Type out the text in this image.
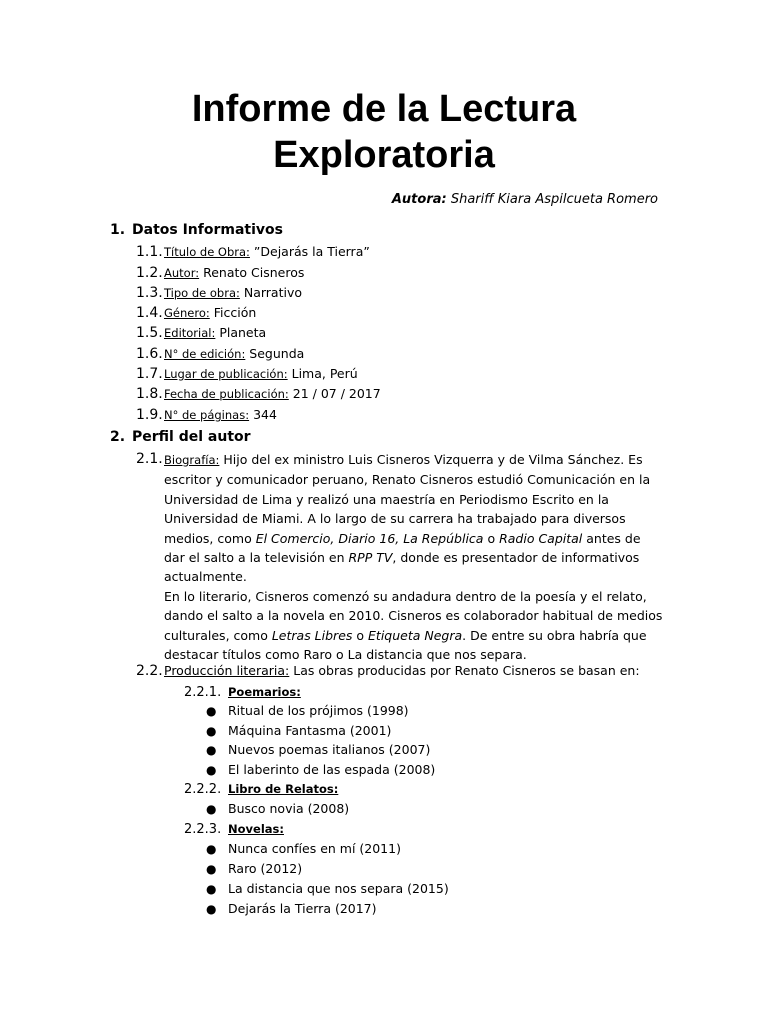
Informe de la Lectura
Exploratoria
Autora: Shariff Kiara Aspilcueta Romero
1. Datos Informativos
1.1.Título de Obra: ”Dejarás la Tierra”
1.2.Autor: Renato Cisneros
1.3.Tipo de obra: Narrativo
1.4.Género: Ficción
1.5.Editorial: Planeta
1.6.N° de edición: Segunda
1.7.Lugar de publicación: Lima, Perú
1.8.Fecha de publicación: 21 / 07 / 2017
1.9.N° de páginas: 344
2. Perfil del autor
2.1. Biografía: Hijo del ex ministro Luis Cisneros Vizquerra y de Vilma Sánchez. Es escritor y comunicador peruano, Renato Cisneros estudió Comunicación en la Universidad de Lima y realizó una maestría en Periodismo Escrito en la Universidad de Miami. A lo largo de su carrera ha trabajado para diversos medios, como El Comercio, Diario 16, La República o Radio Capital antes de dar el salto a la televisión en RPP TV, donde es presentador de informativos actualmente.
En lo literario, Cisneros comenzó su andadura dentro de la poesía y el relato, dando el salto a la novela en 2010. Cisneros es colaborador habitual de medios culturales, como Letras Libres o Etiqueta Negra. De entre su obra habría que destacar títulos como Raro o La distancia que nos separa.
2.2.Producción literaria: Las obras producidas por Renato Cisneros se basan en:
2.2.1. Poemarios:
● Ritual de los prójimos (1998)
● Máquina Fantasma (2001)
● Nuevos poemas italianos (2007)
● El laberinto de las espada (2008)
2.2.2. Libro de Relatos:
● Busco novia (2008)
2.2.3. Novelas:
● Nunca confíes en mí (2011)
● Raro (2012)
● La distancia que nos separa (2015)
● Dejarás la Tierra (2017)
